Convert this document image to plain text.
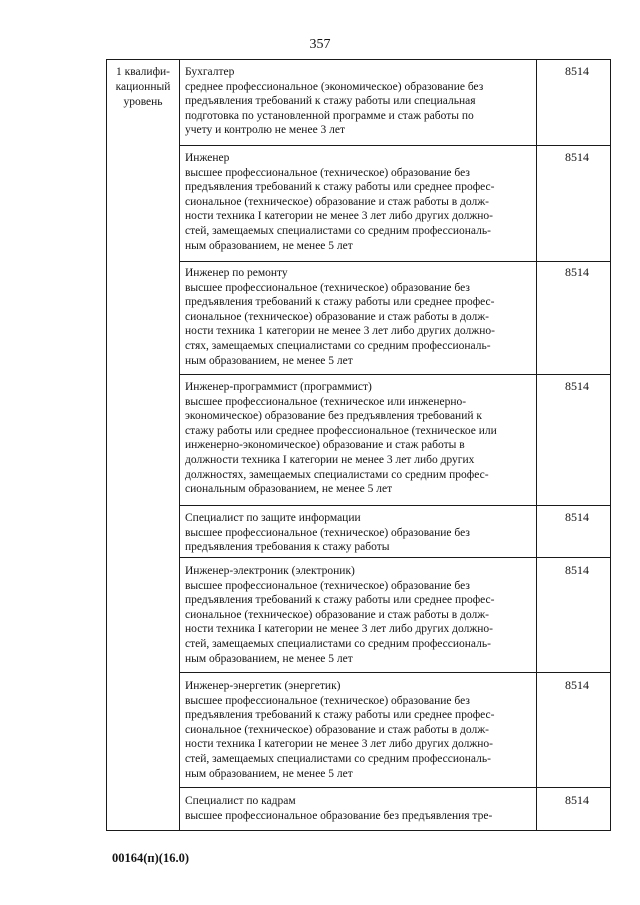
357
1 квалифи-
кационный
уровень
Бухгалтер
среднее профессиональное (экономическое) образование без
предъявления требований к стажу работы или специальная
подготовка по установленной программе и стаж работы по
учету и контролю не менее 3 лет
8514
Инженер
высшее профессиональное (техническое) образование без
предъявления требований к стажу работы или среднее профес-
сиональное (техническое) образование и стаж работы в долж-
ности техника I категории не менее 3 лет либо других должно-
стей, замещаемых специалистами со средним профессиональ-
ным образованием, не менее 5 лет
8514
Инженер по ремонту
высшее профессиональное (техническое) образование без
предъявления требований к стажу работы или среднее профес-
сиональное (техническое) образование и стаж работы в долж-
ности техника 1 категории не менее 3 лет либо других должно-
стях, замещаемых специалистами со средним профессиональ-
ным образованием, не менее 5 лет
8514
Инженер-программист (программист)
высшее профессиональное (техническое или инженерно-
экономическое) образование без предъявления требований к
стажу работы или среднее профессиональное (техническое или
инженерно-экономическое) образование и стаж работы в
должности техника I категории не менее 3 лет либо других
должностях, замещаемых специалистами со средним профес-
сиональным образованием, не менее 5 лет
8514
Специалист по защите информации
высшее профессиональное (техническое) образование без
предъявления требования к стажу работы
8514
Инженер-электроник (электроник)
высшее профессиональное (техническое) образование без
предъявления требований к стажу работы или среднее профес-
сиональное (техническое) образование и стаж работы в долж-
ности техника I категории не менее 3 лет либо других должно-
стей, замещаемых специалистами со средним профессиональ-
ным образованием, не менее 5 лет
8514
Инженер-энергетик (энергетик)
высшее профессиональное (техническое) образование без
предъявления требований к стажу работы или среднее профес-
сиональное (техническое) образование и стаж работы в долж-
ности техника I категории не менее 3 лет либо других должно-
стей, замещаемых специалистами со средним профессиональ-
ным образованием, не менее 5 лет
8514
Специалист по кадрам
высшее профессиональное образование без предъявления тре-
8514
00164(п)(16.0)
